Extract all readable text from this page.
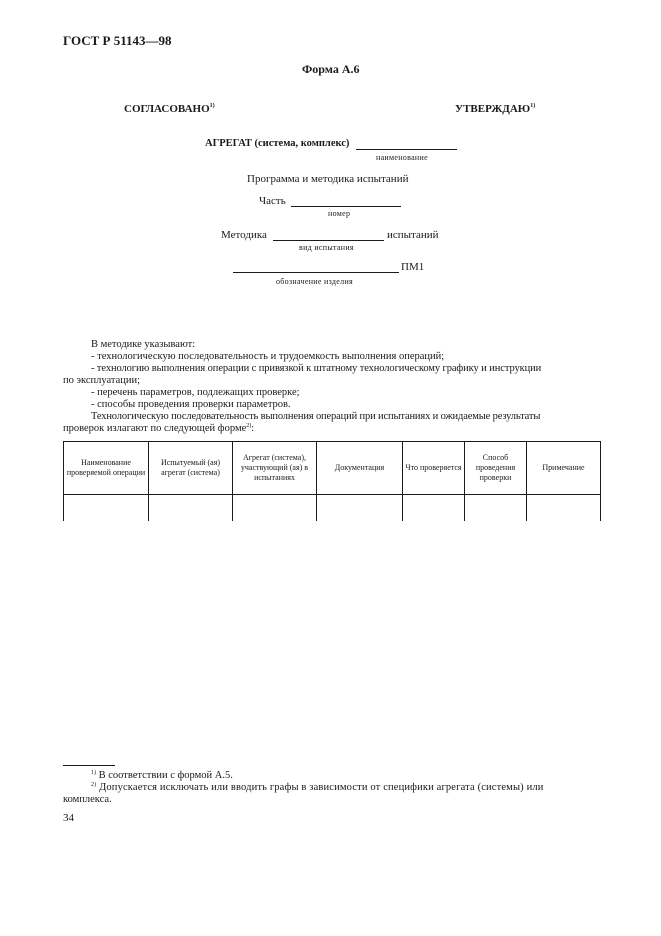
ГОСТ Р 51143—98
Форма А.6
СОГЛАСОВАНО$^{1)}$	УТВЕРЖДАЮ$^{1)}$
АГРЕГАТ (система, комплекс)
наименование
Программа и методика испытаний
Часть
номер
Методика	испытаний
вид испытания
ПМ1
обозначение изделия
В методике указывают:
- технологическую последовательность и трудоемкость выполнения операций;
- технологию выполнения операции с привязкой к штатному технологическому графику и инструкции
по эксплуатации;
- перечень параметров, подлежащих проверке;
- способы проведения проверки параметров.
Технологическую последовательность выполнения операций при испытаниях и ожидаемые результаты
проверок излагают по следующей форме$^{2)}$:
Наименование проверяемой операции	Испытуемый (ая) агрегат (система)	Агрегат (система), участвующий (ая) в испытаниях	Документация	Что проверяется	Способ проведения проверки	Примечание

$^{1)}$ В соответствии с формой А.5.
$^{2)}$ Допускается исключать или вводить графы в зависимости от специфики агрегата (системы) или
комплекса.
34
